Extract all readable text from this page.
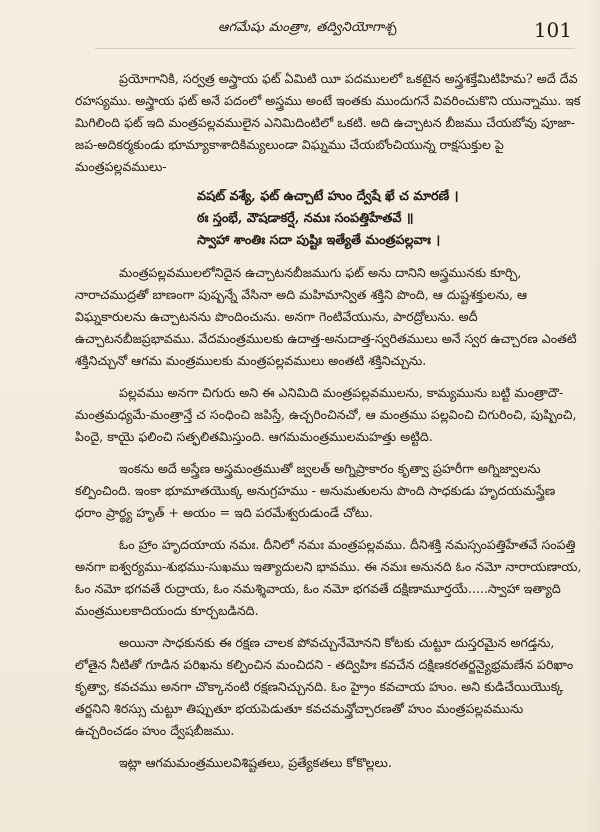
ఆగమేషు మంత్రాః, తద్వినియోగాశ్చ	101

ప్రయోగానికి, సర్వత్ర అస్త్రాయ ఫట్ ఏమిటి యీ పదములలో ఒకటైన అస్త్రశక్తేమిటిహిమ? అదే దేవ రహస్యము. అస్త్రాయ ఫట్ అనే పదంలో అస్త్రము అంటే ఇంతకు ముందుగనే వివరించుకొని యున్నాము. ఇక మిగిలింది ఫట్ ఇది మంత్రపల్లవములైన ఎనిమిదింటిలో ఒకటి. అది ఉచ్చాటన బీజము చేయబోవు పూజా-జప-అదికర్మకుండు భూమ్యాకాశాదికిమ్యలుండా విఘ్నము చేయబోంచియున్న రాక్షసుక్తుల పై మంత్రపల్లవములు-

వషట్ వశ్యే, ఫట్ ఉచ్చాటే హుం ద్వేషే ఖే చ మారణే ।
ఠః స్తంభే, వౌషడాకర్షే, నమః సంపత్తిహేతవే ॥
స్వాహా శాంతిః సదా పుష్టిః ఇత్యేతే మంత్రపల్లవాః ।

మంత్రపల్లవములలోనిదైన ఉచ్చాటనబీజముగు ఫట్ అను దానిని అస్త్రమునకు కూర్చి, నారాచముద్రతో బాణంగా పుష్పన్నే వేసినా అది మహిమాన్విత శక్తిని పొంది, ఆ దుష్టశక్తులను, ఆ విఘ్నకారులను ఉచ్చాటనను పొందించును. అనగా గెంటివేయును, పారద్రోలును. అదీ ఉచ్చాటనబీజప్రభావము. వేదమంత్రములకు ఉదాత్త-అనుదాత్త-స్వరితములు అనే స్వర ఉచ్చారణ ఎంతటి శక్తినిచ్చునో ఆగమ మంత్రములకు మంత్రపల్లవములు అంతటి శక్తినిచ్చును.

పల్లవము అనగా చిగురు అని ఈ ఎనిమిది మంత్రపల్లవములను, కామ్యమును బట్టి మంత్రాదౌ-మంత్రమధ్యమే-మంత్రాన్తే చ సంధించి జపిస్తే, ఉచ్చరించినచో, ఆ మంత్రము పల్లవించి చిగురించి, పుష్పించి, పిందై, కాయై ఫలించి సత్ఫలితమిస్తుంది. ఆగమమంత్రములమహత్తు అట్టిది.

ఇంకను అదే అస్త్రేణ అస్త్రమంత్రముతో జ్వలత్ అగ్నిప్రాకారం కృత్వా ప్రహరీగా అగ్నిజ్వాలను కల్పించింది. ఇంకా భూమాతయొక్క అనుగ్రహము - అనుమతులను పొంది సాధకుడు హృదయమస్త్రేణ ధరాం ప్రార్థ్య హృత్ + అయం = ఇది పరమేశ్వరుడుండే చోటు.

ఓం హ్రాం హృదయాయ నమః. దీనిలో నమః మంత్రపల్లవము. దీనిశక్తి నమస్సంపత్తిహేతవే సంపత్తి అనగా ఐశ్వర్యము-శుభము-సుఖము ఇత్యాదులని భావము. ఈ నమః అనునది ఓం నమో నారాయణాయ, ఓం నమో భగవతే రుద్రాయ, ఓం నమశ్శివాయ, ఓం నమో భగవతే దక్షిణామూర్తయే.....స్వాహా ఇత్యాది మంత్రములకాదియందు కూర్చబడినది.

అయినా సాధకునకు ఈ రక్షణ చాలక పోవచ్చునేమోనని కోటకు చుట్టూ దుస్తరమైన అగడ్తను, లోతైన నీటితో గూడిన పరిఖను కల్పించిన మంచిదని - తద్విహిః కవచేన దక్షిణకరతర్జన్యైభ్రమణేన పరిఖాం కృత్వా, కవచము అనగా చొక్కానంటి రక్షణనిచ్చునది. ఓం హ్రైం కవచాయ హుం. అని కుడిచేయియొక్క తర్జనిని శిరస్సు చుట్టూ తిప్పుతూ భయపెడుతూ కవచమన్త్రోచ్చారణతో హుం మంత్రపల్లవమును ఉచ్చరించడం హుం ద్వేషబీజము.

ఇట్లా ఆగమమంత్రములవిశిష్టతలు, ప్రత్యేకతలు కోకొల్లలు.
